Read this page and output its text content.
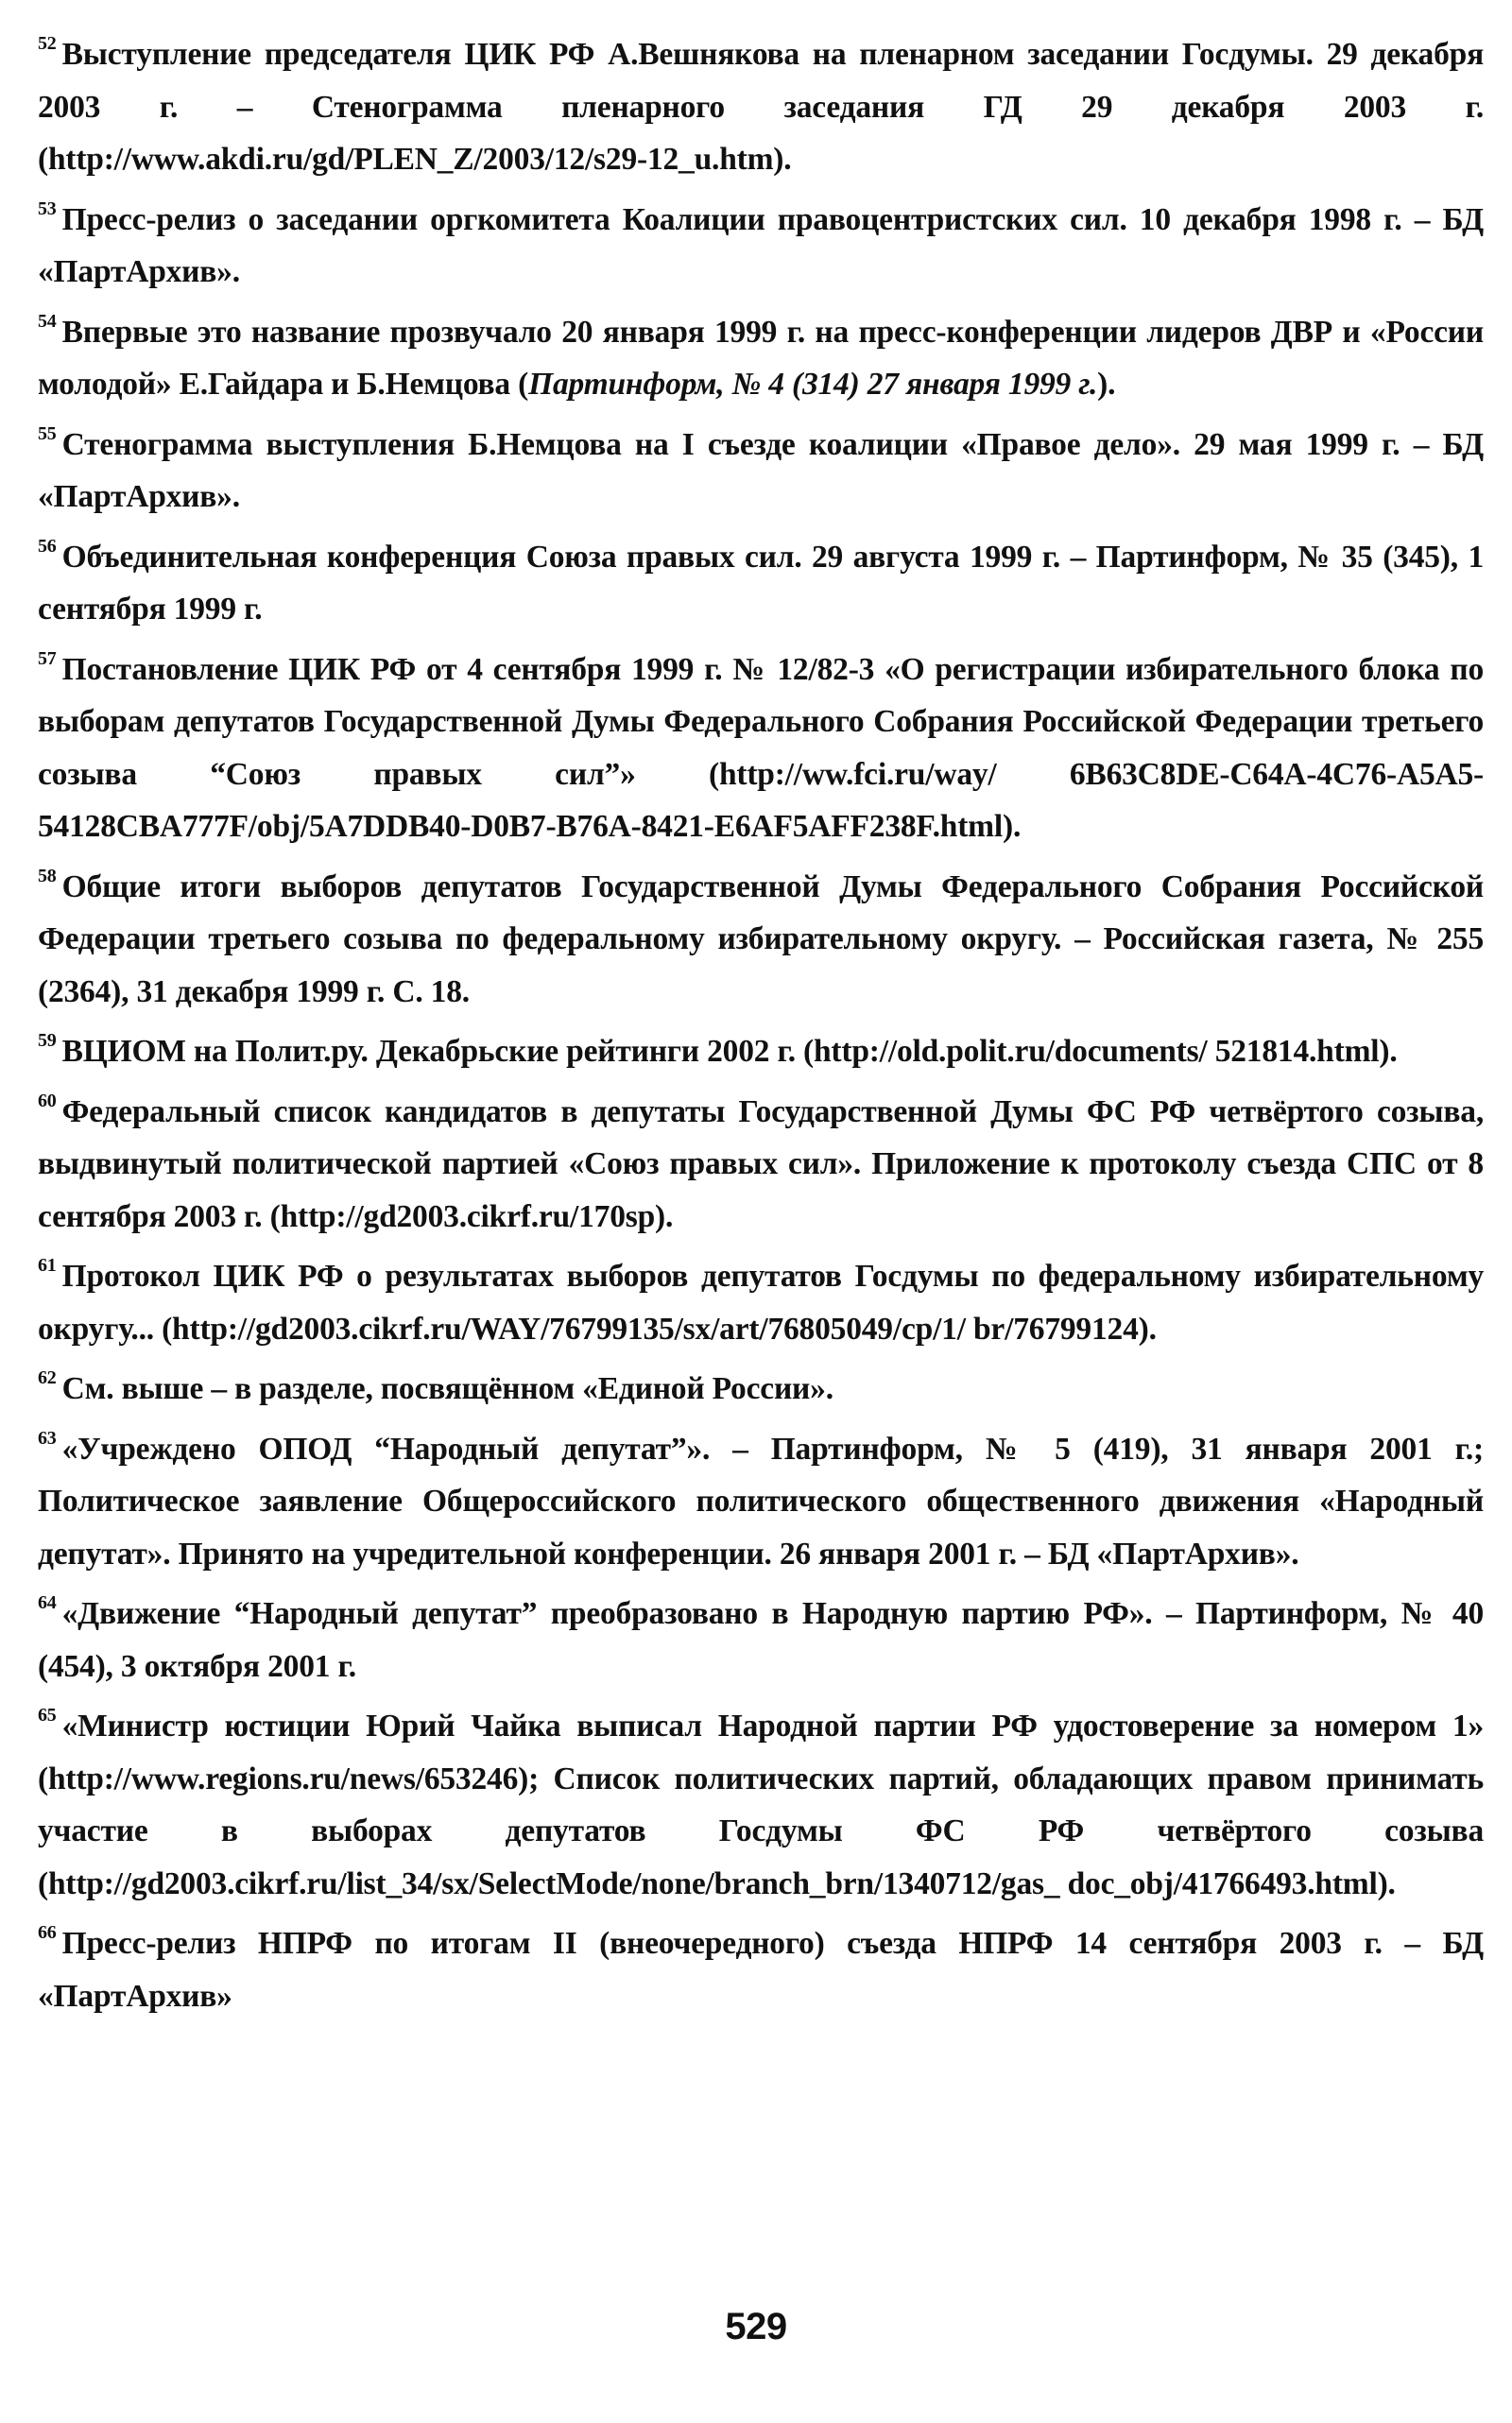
$^{52}$ Выступление председателя ЦИК РФ А.Вешнякова на пленарном заседании Госдумы. 29 декабря 2003 г. – Стенограмма пленарного заседания ГД 29 декабря 2003 г. (http://www.akdi.ru/gd/PLEN_Z/2003/12/s29-12_u.htm).

$^{53}$ Пресс-релиз о заседании оргкомитета Коалиции правоцентристских сил. 10 декабря 1998 г. – БД «ПартАрхив».

$^{54}$ Впервые это название прозвучало 20 января 1999 г. на пресс-конференции лидеров ДВР и «России молодой» Е.Гайдара и Б.Немцова (Партинформ, № 4 (314) 27 января 1999 г.).

$^{55}$ Стенограмма выступления Б.Немцова на I съезде коалиции «Правое дело». 29 мая 1999 г. – БД «ПартАрхив».

$^{56}$ Объединительная конференция Союза правых сил. 29 августа 1999 г. – Партинформ, № 35 (345), 1 сентября 1999 г.

$^{57}$ Постановление ЦИК РФ от 4 сентября 1999 г. № 12/82-3 «О регистрации избирательного блока по выборам депутатов Государственной Думы Федерального Собрания Российской Федерации третьего созыва “Союз правых сил”» (http://ww.fci.ru/way/ 6B63C8DE-C64A-4C76-A5A5-54128CBA777F/obj/5A7DDB40-D0B7-B76A-8421-E6AF5AFF238F.html).

$^{58}$ Общие итоги выборов депутатов Государственной Думы Федерального Собрания Российской Федерации третьего созыва по федеральному избирательному округу. – Российская газета, № 255 (2364), 31 декабря 1999 г. С. 18.

$^{59}$ ВЦИОМ на Полит.ру. Декабрьские рейтинги 2002 г. (http://old.polit.ru/documents/ 521814.html).

$^{60}$ Федеральный список кандидатов в депутаты Государственной Думы ФС РФ четвёртого созыва, выдвинутый политической партией «Союз правых сил». Приложение к протоколу съезда СПС от 8 сентября 2003 г. (http://gd2003.cikrf.ru/170sp).

$^{61}$ Протокол ЦИК РФ о результатах выборов депутатов Госдумы по федеральному избирательному округу... (http://gd2003.cikrf.ru/WAY/76799135/sx/art/76805049/cp/1/ br/76799124).

$^{62}$ См. выше – в разделе, посвящённом «Единой России».

$^{63}$ «Учреждено ОПОД “Народный депутат”». – Партинформ, № 5 (419), 31 января 2001 г.; Политическое заявление Общероссийского политического общественного движения «Народный депутат». Принято на учредительной конференции. 26 января 2001 г. – БД «ПартАрхив».

$^{64}$ «Движение “Народный депутат” преобразовано в Народную партию РФ». – Партинформ, № 40 (454), 3 октября 2001 г.

$^{65}$ «Министр юстиции Юрий Чайка выписал Народной партии РФ удостоверение за номером 1» (http://www.regions.ru/news/653246); Список политических партий, обладающих правом принимать участие в выборах депутатов Госдумы ФС РФ четвёртого созыва (http://gd2003.cikrf.ru/list_34/sx/SelectMode/none/branch_brn/1340712/gas_ doc_obj/41766493.html).

$^{66}$ Пресс-релиз НПРФ по итогам II (внеочередного) съезда НПРФ 14 сентября 2003 г. – БД «ПартАрхив»

529
